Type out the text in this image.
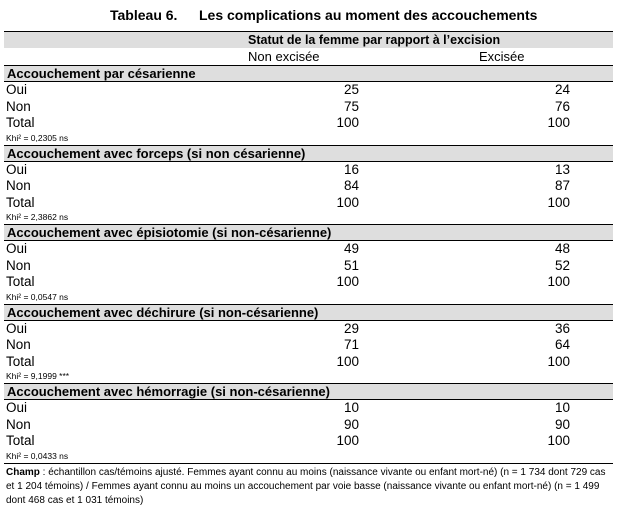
Tableau 6. Les complications au moment des accouchements
Statut de la femme par rapport à l’excision
Non excisée	Excisée
Accouchement par césarienne
Oui	25	24
Non	75	76
Total	100	100
Khi² = 0,2305 ns
Accouchement avec forceps (si non césarienne)
Oui	16	13
Non	84	87
Total	100	100
Khi² = 2,3862 ns
Accouchement avec épisiotomie (si non-césarienne)
Oui	49	48
Non	51	52
Total	100	100
Khi² = 0,0547 ns
Accouchement avec déchirure (si non-césarienne)
Oui	29	36
Non	71	64
Total	100	100
Khi² = 9,1999 ***
Accouchement avec hémorragie (si non-césarienne)
Oui	10	10
Non	90	90
Total	100	100
Khi² = 0,0433 ns
Champ : échantillon cas/témoins ajusté. Femmes ayant connu au moins (naissance vivante ou enfant mort-né) (n = 1 734 dont 729 cas et 1 204 témoins) / Femmes ayant connu au moins un accouchement par voie basse (naissance vivante ou enfant mort-né) (n = 1 499 dont 468 cas et 1 031 témoins)
